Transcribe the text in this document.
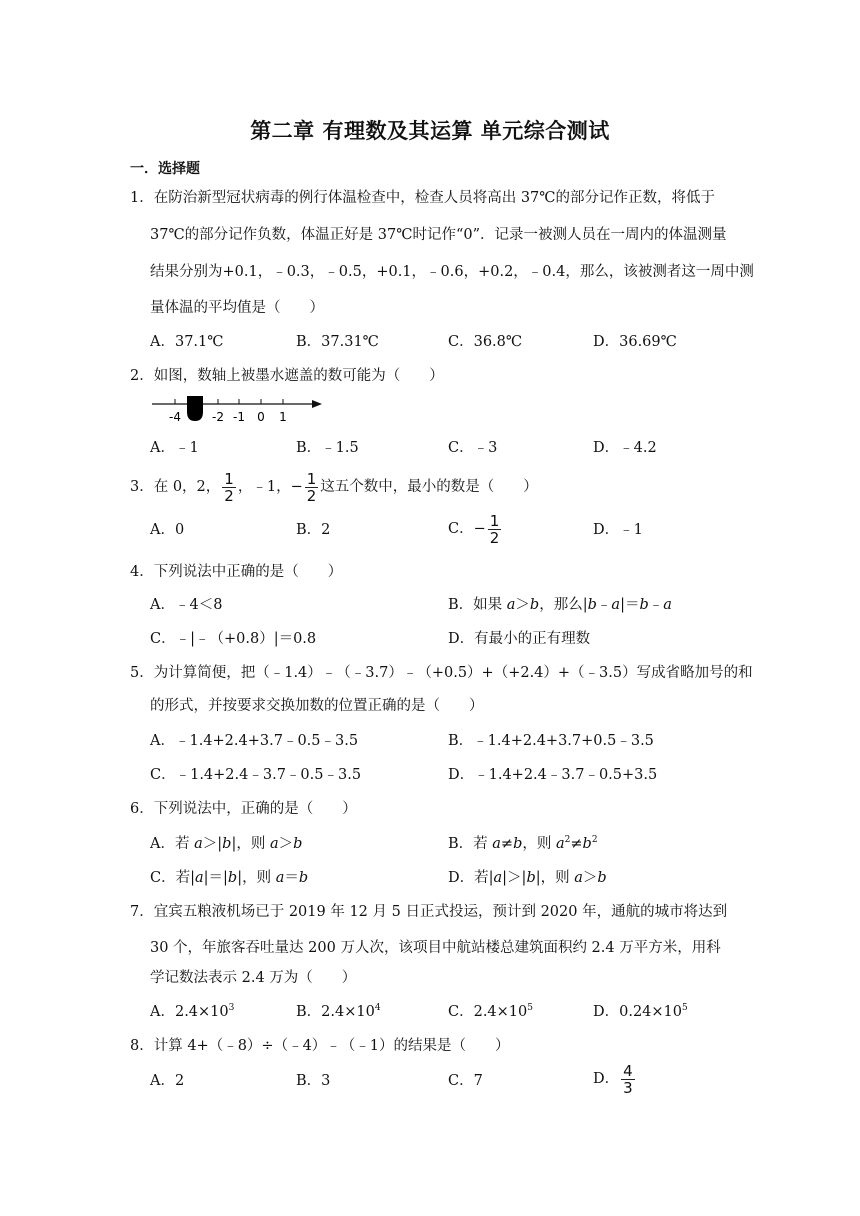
第二章 有理数及其运算 单元综合测试
一．选择题
1．在防治新型冠状病毒的例行体温检查中，检查人员将高出 37℃的部分记作正数，将低于
37℃的部分记作负数，体温正好是 37℃时记作“0”．记录一被测人员在一周内的体温测量
结果分别为+0.1，﹣0.3，﹣0.5，+0.1，﹣0.6，+0.2，﹣0.4，那么，该被测者这一周中测
量体温的平均值是（　　）
A．37.1℃	B．37.31℃	C．36.8℃	D．36.69℃
2．如图，数轴上被墨水遮盖的数可能为（　　）
-4	-2 -1 0 1
A．﹣1	B．﹣1.5	C．﹣3	D．﹣4.2
3．在 0，2， $\frac{1}{2}$ ，﹣1，− $\frac{1}{2}$ 这五个数中，最小的数是（　　）
A．0	B．2	C．− $\frac{1}{2}$	D．﹣1
4．下列说法中正确的是（　　）
A．﹣4＜8	B．如果 a＞b，那么|b﹣a|＝b﹣a
C．﹣|﹣（+0.8）|＝0.8	D．有最小的正有理数
5．为计算简便，把（﹣1.4）﹣（﹣3.7）﹣（+0.5）+（+2.4）+（﹣3.5）写成省略加号的和
的形式，并按要求交换加数的位置正确的是（　　）
A．﹣1.4+2.4+3.7﹣0.5﹣3.5	B．﹣1.4+2.4+3.7+0.5﹣3.5
C．﹣1.4+2.4﹣3.7﹣0.5﹣3.5	D．﹣1.4+2.4﹣3.7﹣0.5+3.5
6．下列说法中，正确的是（　　）
A．若 a＞|b|，则 a＞b	B．若 a≠b，则 $a^2\ne b^2$
C．若|a|＝|b|，则 a＝b	D．若|a|＞|b|，则 a＞b
7．宜宾五粮液机场已于 2019 年 12 月 5 日正式投运，预计到 2020 年，通航的城市将达到
30 个，年旅客吞吐量达 200 万人次，该项目中航站楼总建筑面积约 2.4 万平方米，用科
学记数法表示 2.4 万为（　　）
A．$2.4\times 10^3$	B．$2.4\times 10^4$	C．$2.4\times 10^5$	D．$0.24\times 10^5$
8．计算 4+（﹣8）÷（﹣4）﹣（﹣1）的结果是（　　）
A．2	B．3	C．7	D． $\frac{4}{3}$
